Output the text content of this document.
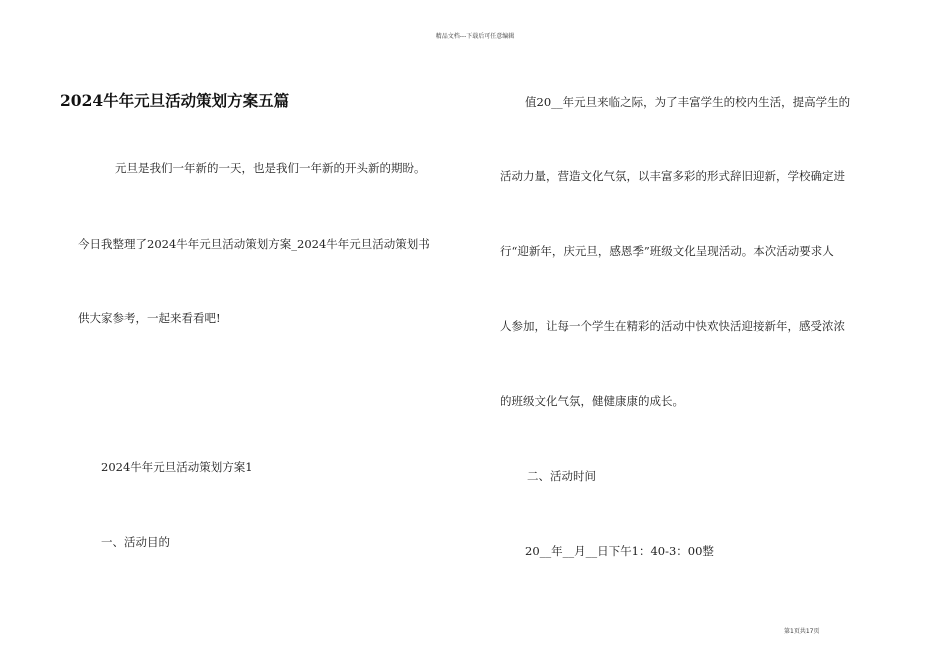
精品文档---下载后可任意编辑
2024牛年元旦活动策划方案五篇
元旦是我们一年新的一天，也是我们一年新的开头新的期盼。
今日我整理了2024牛年元旦活动策划方案_2024牛年元旦活动策划书
供大家参考，一起来看看吧!
2024牛年元旦活动策划方案1
一、活动目的
值20__年元旦来临之际，为了丰富学生的校内生活，提高学生的
活动力量，营造文化气氛，以丰富多彩的形式辞旧迎新，学校确定进
行“迎新年，庆元旦，感恩季”班级文化呈现活动。本次活动要求人
人参加，让每一个学生在精彩的活动中快欢快活迎接新年，感受浓浓
的班级文化气氛，健健康康的成长。
二、活动时间
20__年__月__日下午1：40-3：00整
第1页共17页
